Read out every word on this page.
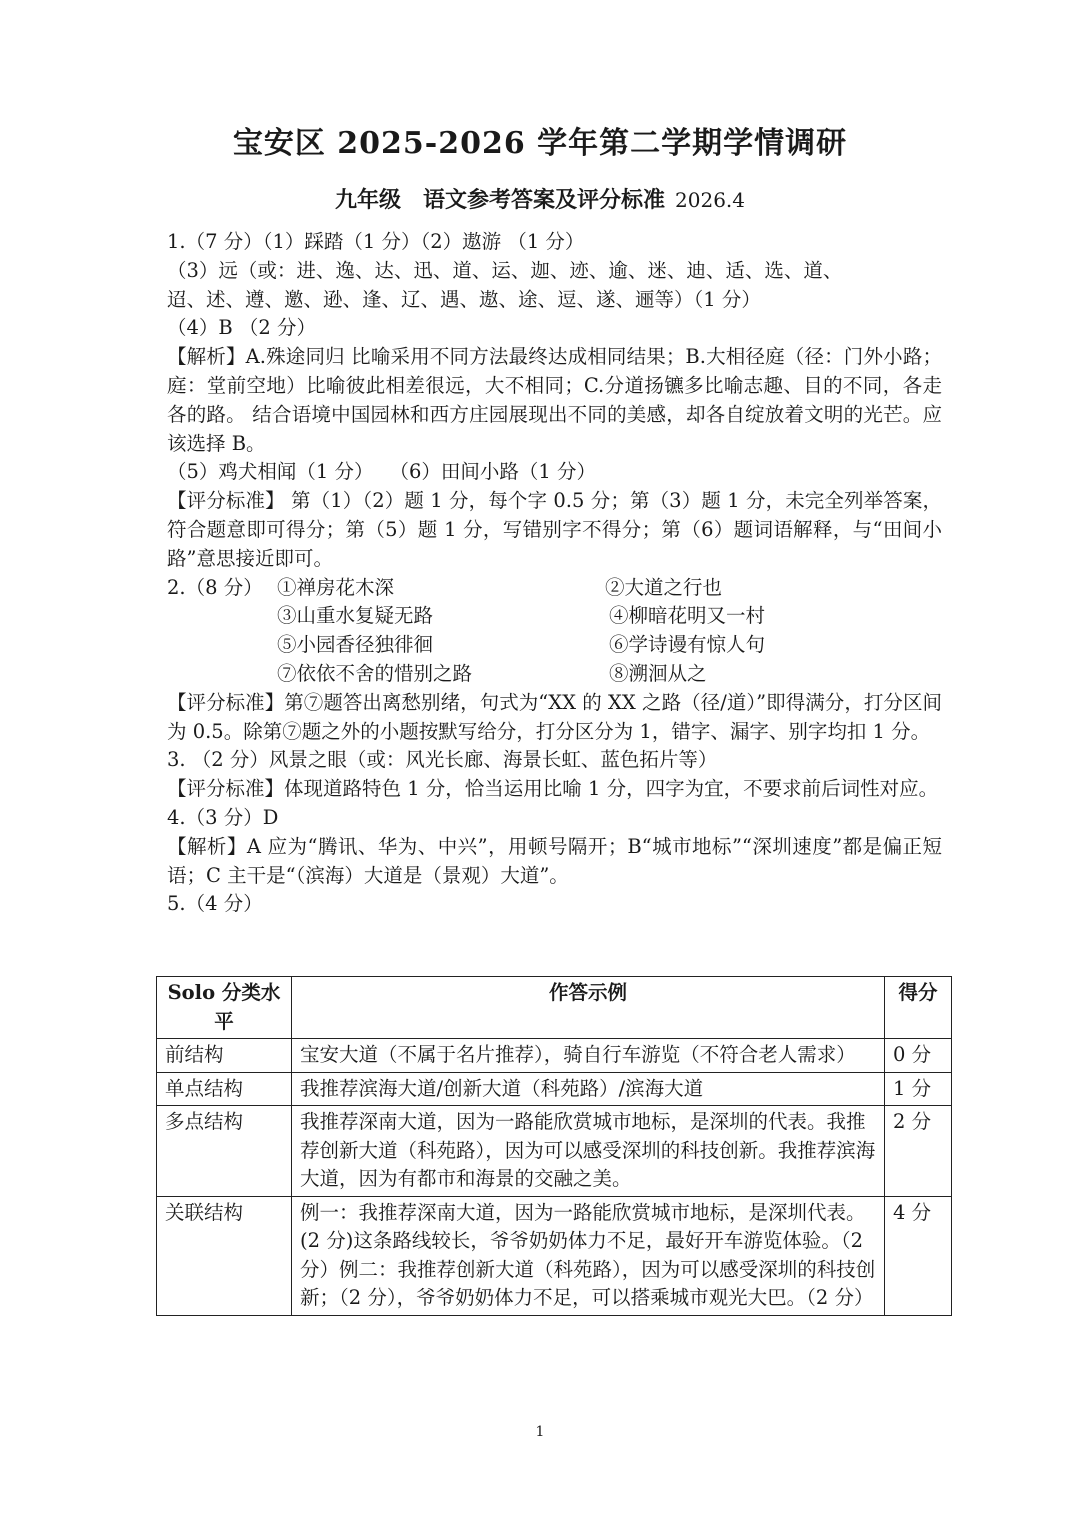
宝安区 2025-2026 学年第二学期学情调研
九年级　语文参考答案及评分标准 2026.4
1.（7 分）（1）踩踏（1 分）（2）遨游 （1 分）
（3）远（或：进、逸、达、迅、道、运、迦、迹、逾、迷、迪、适、选、道、
迢、述、遵、邀、逊、逢、辽、遇、遨、途、逗、遂、逦等）（1 分）
（4）B （2 分）
【解析】A.殊途同归 比喻采用不同方法最终达成相同结果；B.大相径庭（径：门外小路；庭：堂前空地）比喻彼此相差很远，大不相同；C.分道扬镳多比喻志趣、目的不同，各走各的路。 结合语境中国园林和西方庄园展现出不同的美感，却各自绽放着文明的光芒。应该选择 B。
（5）鸡犬相闻（1 分）　 （6）田间小路（1 分）
【评分标准】 第（1）（2）题 1 分，每个字 0.5 分；第（3）题 1 分，未完全列举答案，符合题意即可得分；第（5）题 1 分，写错别字不得分；第（6）题词语解释，与“田间小路”意思接近即可。
2.（8 分） ①禅房花木深	②大道之行也
③山重水复疑无路	④柳暗花明又一村
⑤小园香径独徘徊	⑥学诗谩有惊人句
⑦依依不舍的惜别之路	⑧溯洄从之
【评分标准】第⑦题答出离愁别绪，句式为“XX 的 XX 之路（径/道）”即得满分，打分区间为 0.5。除第⑦题之外的小题按默写给分，打分区分为 1，错字、漏字、别字均扣 1 分。
3. （2 分）风景之眼（或：风光长廊、海景长虹、蓝色拓片等）
【评分标准】体现道路特色 1 分，恰当运用比喻 1 分，四字为宜，不要求前后词性对应。
4.（3 分）D
【解析】A 应为“腾讯、华为、中兴”，用顿号隔开；B“城市地标”“深圳速度”都是偏正短语；C 主干是“（滨海）大道是（景观）大道”。
5.（4 分）
Solo 分类水平	作答示例	得分
前结构	宝安大道（不属于名片推荐），骑自行车游览（不符合老人需求）	0 分
单点结构	我推荐滨海大道/创新大道（科苑路）/滨海大道	1 分
多点结构	我推荐深南大道，因为一路能欣赏城市地标，是深圳的代表。我推荐创新大道（科苑路），因为可以感受深圳的科技创新。我推荐滨海大道，因为有都市和海景的交融之美。	2 分
关联结构	例一：我推荐深南大道，因为一路能欣赏城市地标，是深圳代表。(2 分)这条路线较长，爷爷奶奶体力不足，最好开车游览体验。（2 分）例二：我推荐创新大道（科苑路），因为可以感受深圳的科技创新；（2 分），爷爷奶奶体力不足，可以搭乘城市观光大巴。（2 分）	4 分
1
